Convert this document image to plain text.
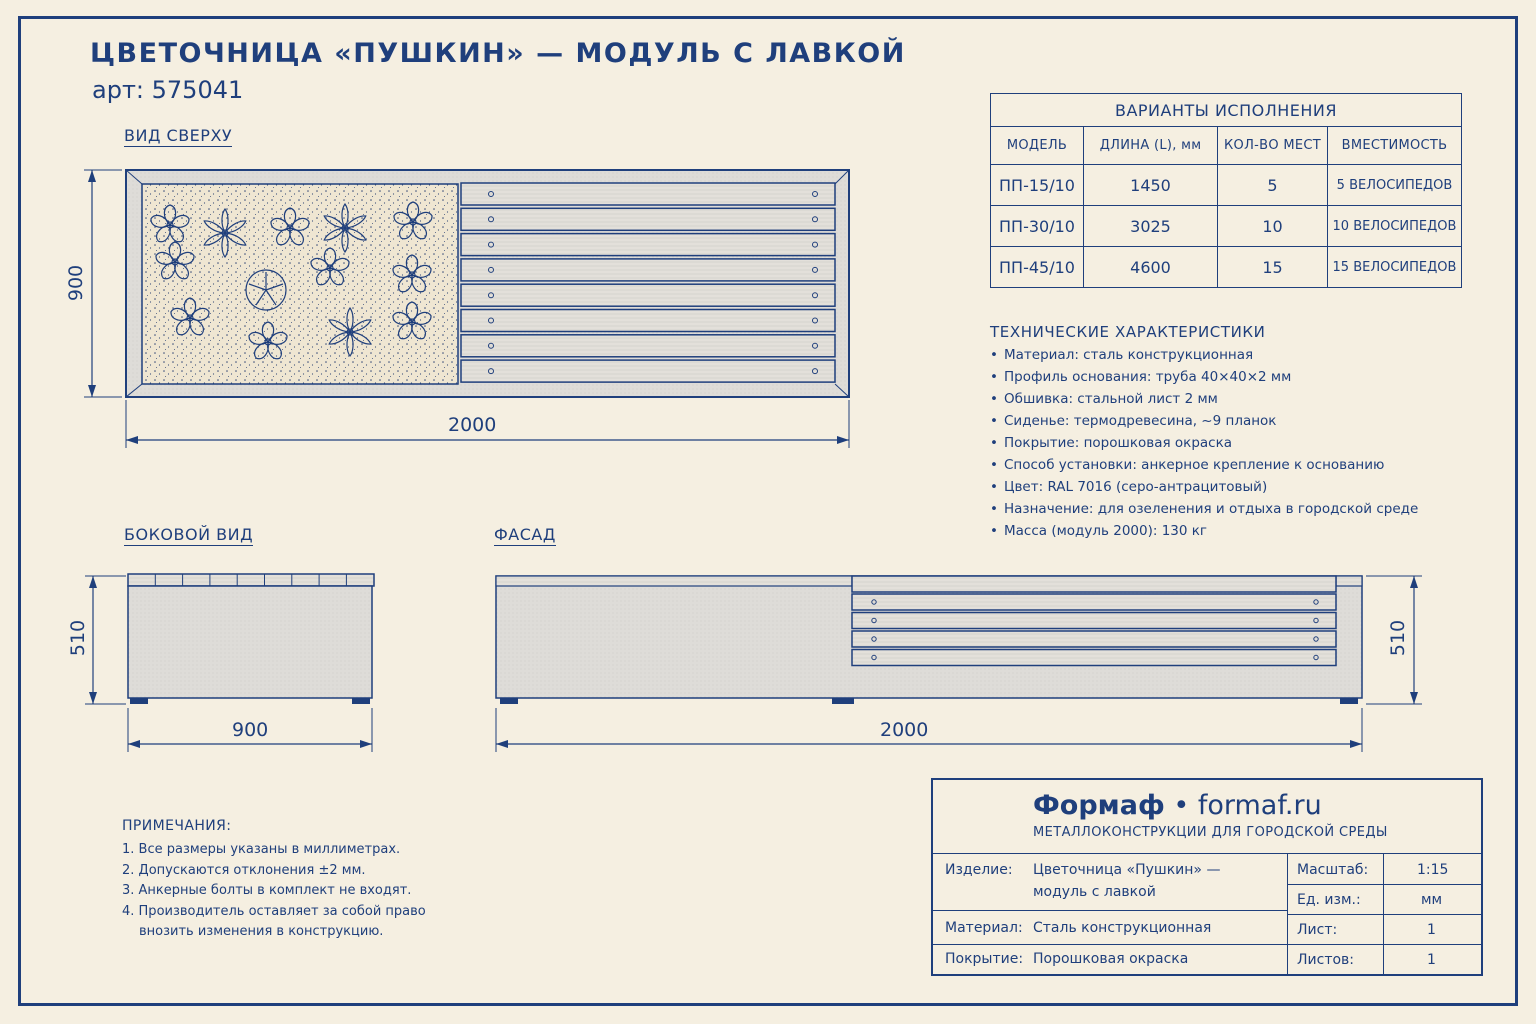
ЦВЕТОЧНИЦА «ПУШКИН» — МОДУЛЬ С ЛАВКОЙ
арт: 575041
ВИД СВЕРХУ
2000
900
БОКОВОЙ ВИД
900
510
ФАСАД
2000
510
ВАРИАНТЫ ИСПОЛНЕНИЯ			
МОДЕЛЬ	ДЛИНА (L), мм	КОЛ-ВО МЕСТ	ВМЕСТИМОСТЬ
ПП-15/10	1450	5	5 ВЕЛОСИПЕДОВ
ПП-30/10	3025	10	10 ВЕЛОСИПЕДОВ
ПП-45/10	4600	15	15 ВЕЛОСИПЕДОВ
ТЕХНИЧЕСКИЕ ХАРАКТЕРИСТИКИ
• Материал: сталь конструкционная
• Профиль основания: труба 40×40×2 мм
• Обшивка: стальной лист 2 мм
• Сиденье: термодревесина, ~9 планок
• Покрытие: порошковая окраска
• Способ установки: анкерное крепление к основанию
• Цвет: RAL 7016 (серо-антрацитовый)
• Назначение: для озеленения и отдыха в городской среде
• Масса (модуль 2000): 130 кг
ПРИМЕЧАНИЯ:
1. Все размеры указаны в миллиметрах.
2. Допускаются отклонения ±2 мм.
3. Анкерные болты в комплект не входят.
4. Производитель оставляет за собой право
внозить изменения в конструкцию.
Формаф • formaf.ru
МЕТАЛЛОКОНСТРУКЦИИ ДЛЯ ГОРОДСКОЙ СРЕДЫ
Изделие: Цветочница «Пушкин» —
модуль с лавкой
Материал: Сталь конструкционная
Покрытие: Порошковая окраска
Масштаб:	1:15
Ед. изм.:	мм
Лист:	1
Листов:	1
